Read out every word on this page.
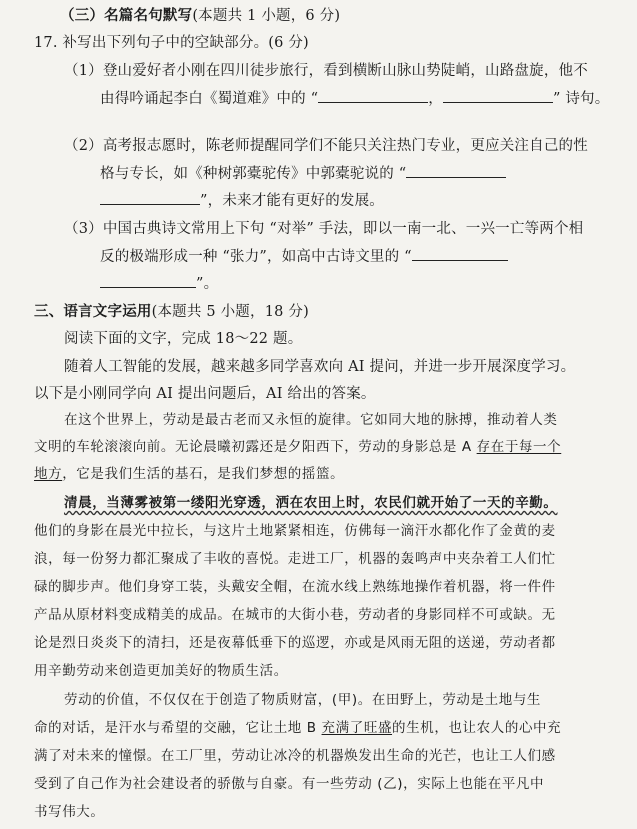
（三）名篇名句默写(本题共 1 小题，6 分)
17. 补写出下列句子中的空缺部分。(6 分)
（1）登山爱好者小刚在四川徒步旅行，看到横断山脉山势陡峭，山路盘旋，他不
由得吟诵起李白《蜀道难》中的 “	，	” 诗句。
（2）高考报志愿时，陈老师提醒同学们不能只关注热门专业，更应关注自己的性
格与专长，如《种树郭橐驼传》中郭橐驼说的 “
”，未来才能有更好的发展。
（3）中国古典诗文常用上下句 “对举” 手法，即以一南一北、一兴一亡等两个相
反的极端形成一种 “张力”，如高中古诗文里的 “
”。
三、语言文字运用(本题共 5 小题，18 分)
阅读下面的文字，完成 18～22 题。
随着人工智能的发展，越来越多同学喜欢向 AI 提问，并进一步开展深度学习。
以下是小刚同学向 AI 提出问题后，AI 给出的答案。
在这个世界上，劳动是最古老而又永恒的旋律。它如同大地的脉搏，推动着人类
文明的车轮滚滚向前。无论晨曦初露还是夕阳西下，劳动的身影总是 A 存在于每一个
地方，它是我们生活的基石，是我们梦想的摇篮。
清晨，当薄雾被第一缕阳光穿透，洒在农田上时，农民们就开始了一天的辛勤。
他们的身影在晨光中拉长，与这片土地紧紧相连，仿佛每一滴汗水都化作了金黄的麦
浪，每一份努力都汇聚成了丰收的喜悦。走进工厂，机器的轰鸣声中夹杂着工人们忙
碌的脚步声。他们身穿工装，头戴安全帽，在流水线上熟练地操作着机器，将一件件
产品从原材料变成精美的成品。在城市的大街小巷，劳动者的身影同样不可或缺。无
论是烈日炎炎下的清扫，还是夜幕低垂下的巡逻，亦或是风雨无阻的送递，劳动者都
用辛勤劳动来创造更加美好的物质生活。
劳动的价值，不仅仅在于创造了物质财富，(甲)。在田野上，劳动是土地与生
命的对话，是汗水与希望的交融，它让土地 B 充满了旺盛的生机，也让农人的心中充
满了对未来的憧憬。在工厂里，劳动让冰冷的机器焕发出生命的光芒，也让工人们感
受到了自己作为社会建设者的骄傲与自豪。有一些劳动 (乙)，实际上也能在平凡中
书写伟大。
